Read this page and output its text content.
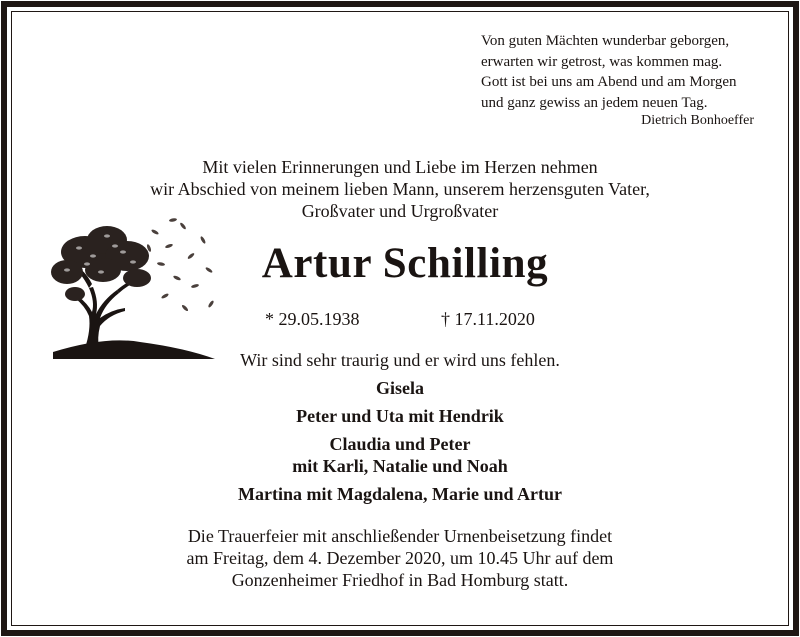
Von guten Mächten wunderbar geborgen,
erwarten wir getrost, was kommen mag.
Gott ist bei uns am Abend und am Morgen
und ganz gewiss an jedem neuen Tag.
Dietrich Bonhoeffer
Mit vielen Erinnerungen und Liebe im Herzen nehmen
wir Abschied von meinem lieben Mann, unserem herzensguten Vater,
Großvater und Urgroßvater
Artur Schilling
* 29.05.1938	† 17.11.2020
Wir sind sehr traurig und er wird uns fehlen.
Gisela
Peter und Uta mit Hendrik
Claudia und Peter
mit Karli, Natalie und Noah
Martina mit Magdalena, Marie und Artur
Die Trauerfeier mit anschließender Urnenbeisetzung findet
am Freitag, dem 4. Dezember 2020, um 10.45 Uhr auf dem
Gonzenheimer Friedhof in Bad Homburg statt.
